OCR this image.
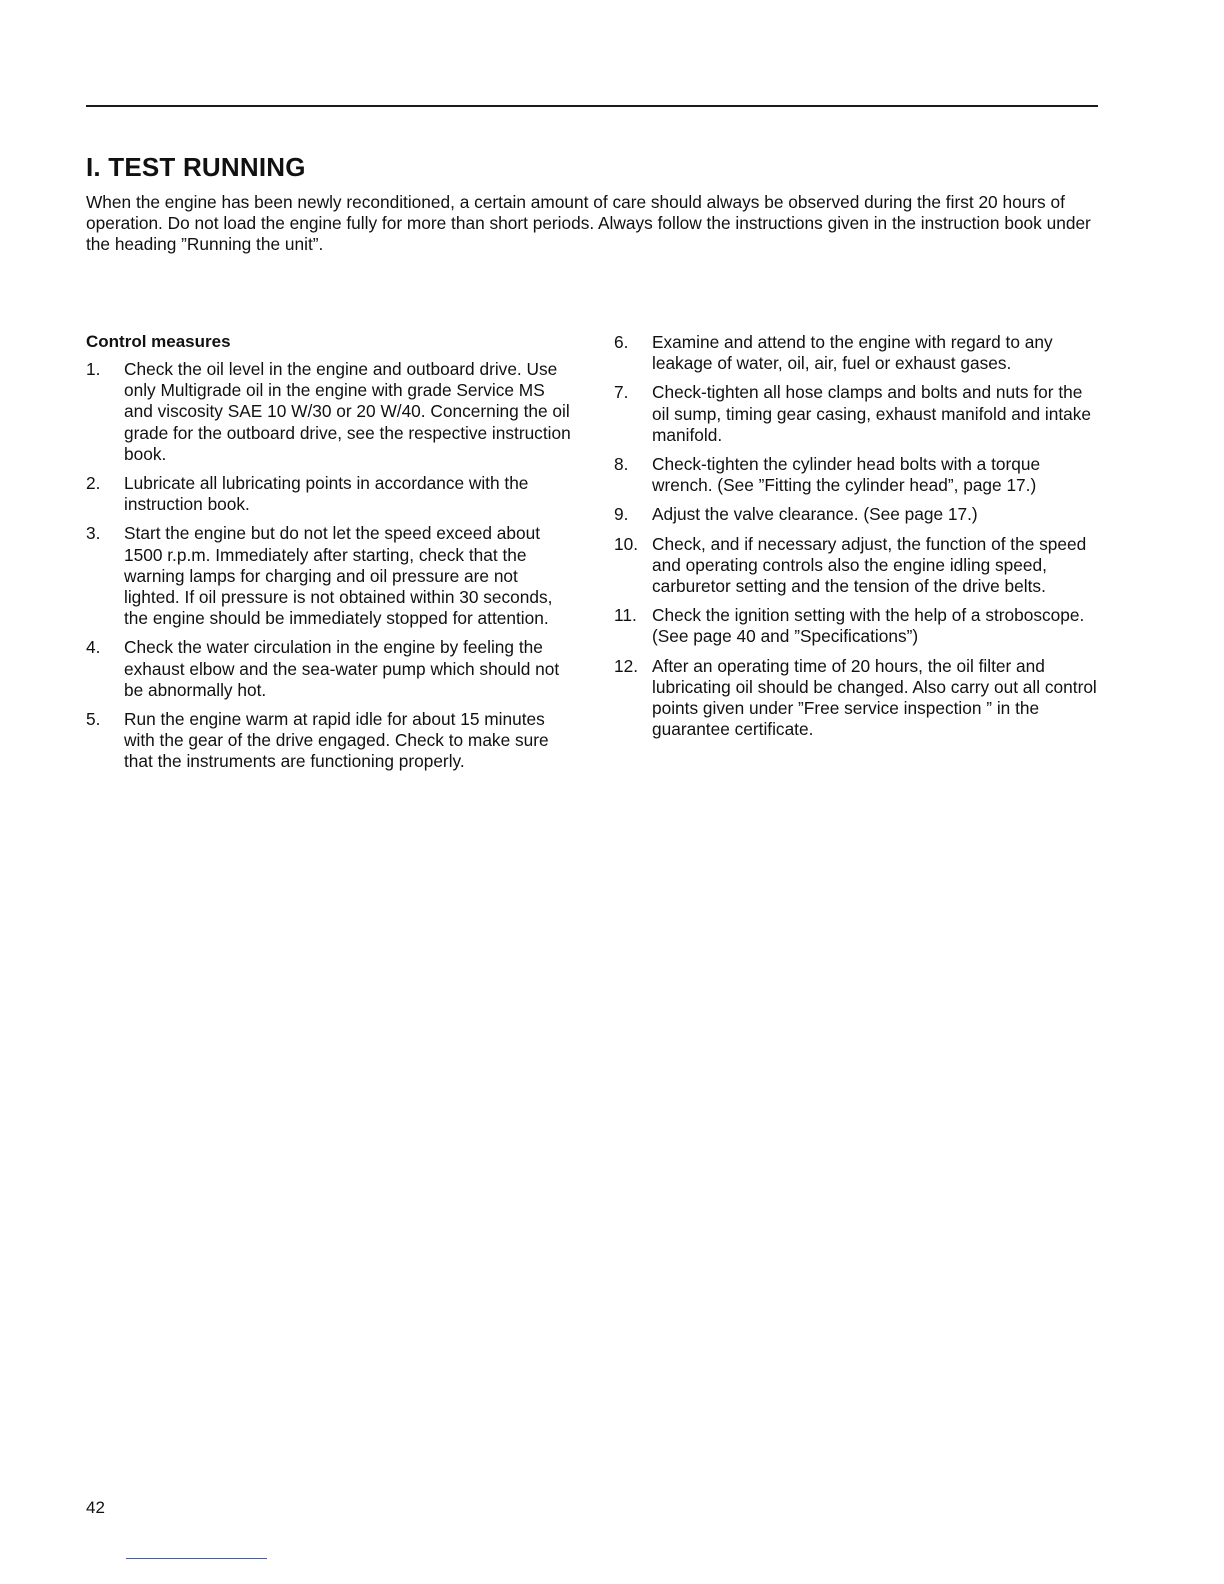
I. TEST RUNNING

When the engine has been newly reconditioned, a certain amount of care should always be observed during the first 20 hours of operation. Do not load the engine fully for more than short periods. Always follow the instructions given in the instruction book under the heading ”Running the unit”.

Control measures
1.	Check the oil level in the engine and outboard drive. Use only Multigrade oil in the engine with grade Service MS and viscosity SAE 10 W/30 or 20 W/40. Concerning the oil grade for the outboard drive, see the respective instruction book.
2.	Lubricate all lubricating points in accordance with the instruction book.
3.	Start the engine but do not let the speed exceed about 1500 r.p.m. Immediately after starting, check that the warning lamps for charging and oil pressure are not lighted. If oil pressure is not obtained within 30 seconds, the engine should be immediately stopped for attention.
4.	Check the water circulation in the engine by feeling the exhaust elbow and the sea-water pump which should not be abnormally hot.
5.	Run the engine warm at rapid idle for about 15 minutes with the gear of the drive engaged. Check to make sure that the instruments are functioning properly.
6.	Examine and attend to the engine with regard to any leakage of water, oil, air, fuel or exhaust gases.
7.	Check-tighten all hose clamps and bolts and nuts for the oil sump, timing gear casing, exhaust manifold and intake manifold.
8.	Check-tighten the cylinder head bolts with a torque wrench. (See ”Fitting the cylinder head”, page 17.)
9.	Adjust the valve clearance. (See page 17.)
10. Check, and if necessary adjust, the function of the speed and operating controls also the engine idling speed, carburetor setting and the tension of the drive belts.
11. Check the ignition setting with the help of a stroboscope. (See page 40 and ”Specifications”)
12. After an operating time of 20 hours, the oil filter and lubricating oil should be changed. Also carry out all control points given under ”Free service inspection ” in the guarantee certificate.
42
